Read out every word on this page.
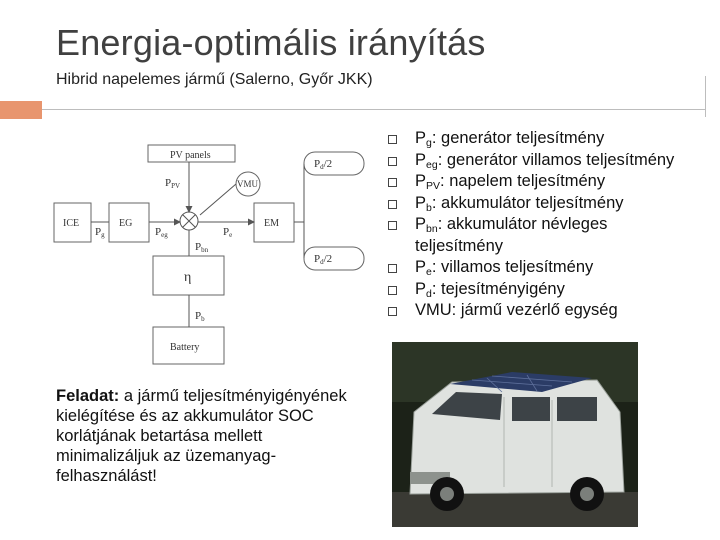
Energia-optimális irányítás
Hibrid napelemes jármű (Salerno, Győr JKK)
PV panels
VMU
ICE	EG	EM
η
Battery
PPV
Pg	Peg	Pe
Pbn
Pb
Pd/2
Pd/2
Feladat: a jármű teljesítményigényének kielégítése és az akkumulátor SOC korlátjának betartása mellett minimalizáljuk az üzemanyag-felhasználást!
$P_g$: generátor teljesítmény
$P_{eg}$: generátor villamos teljesítmény
$P_{PV}$: napelem teljesítmény
$P_b$: akkumulátor teljesítmény
$P_{bn}$: akkumulátor névleges teljesítmény
$P_e$: villamos teljesítmény
$P_d$: tejesítményigény
VMU: jármű vezérlő egység
